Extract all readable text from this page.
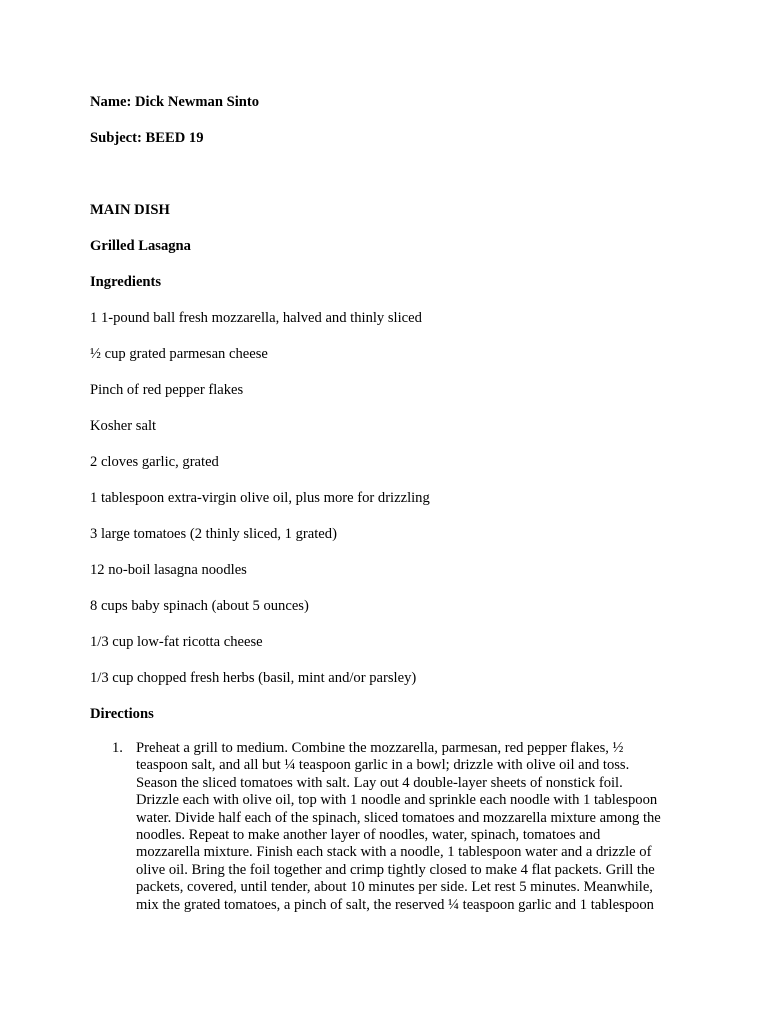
Name: Dick Newman Sinto
Subject: BEED 19
MAIN DISH
Grilled Lasagna
Ingredients
1 1-pound ball fresh mozzarella, halved and thinly sliced
½ cup grated parmesan cheese
Pinch of red pepper flakes
Kosher salt
2 cloves garlic, grated
1 tablespoon extra-virgin olive oil, plus more for drizzling
3 large tomatoes (2 thinly sliced, 1 grated)
12 no-boil lasagna noodles
8 cups baby spinach (about 5 ounces)
1/3 cup low-fat ricotta cheese
1/3 cup chopped fresh herbs (basil, mint and/or parsley)
Directions
1. Preheat a grill to medium. Combine the mozzarella, parmesan, red pepper flakes, ½
teaspoon salt, and all but ¼ teaspoon garlic in a bowl; drizzle with olive oil and toss.
Season the sliced tomatoes with salt. Lay out 4 double-layer sheets of nonstick foil.
Drizzle each with olive oil, top with 1 noodle and sprinkle each noodle with 1 tablespoon
water. Divide half each of the spinach, sliced tomatoes and mozzarella mixture among the
noodles. Repeat to make another layer of noodles, water, spinach, tomatoes and
mozzarella mixture. Finish each stack with a noodle, 1 tablespoon water and a drizzle of
olive oil. Bring the foil together and crimp tightly closed to make 4 flat packets. Grill the
packets, covered, until tender, about 10 minutes per side. Let rest 5 minutes. Meanwhile,
mix the grated tomatoes, a pinch of salt, the reserved ¼ teaspoon garlic and 1 tablespoon
